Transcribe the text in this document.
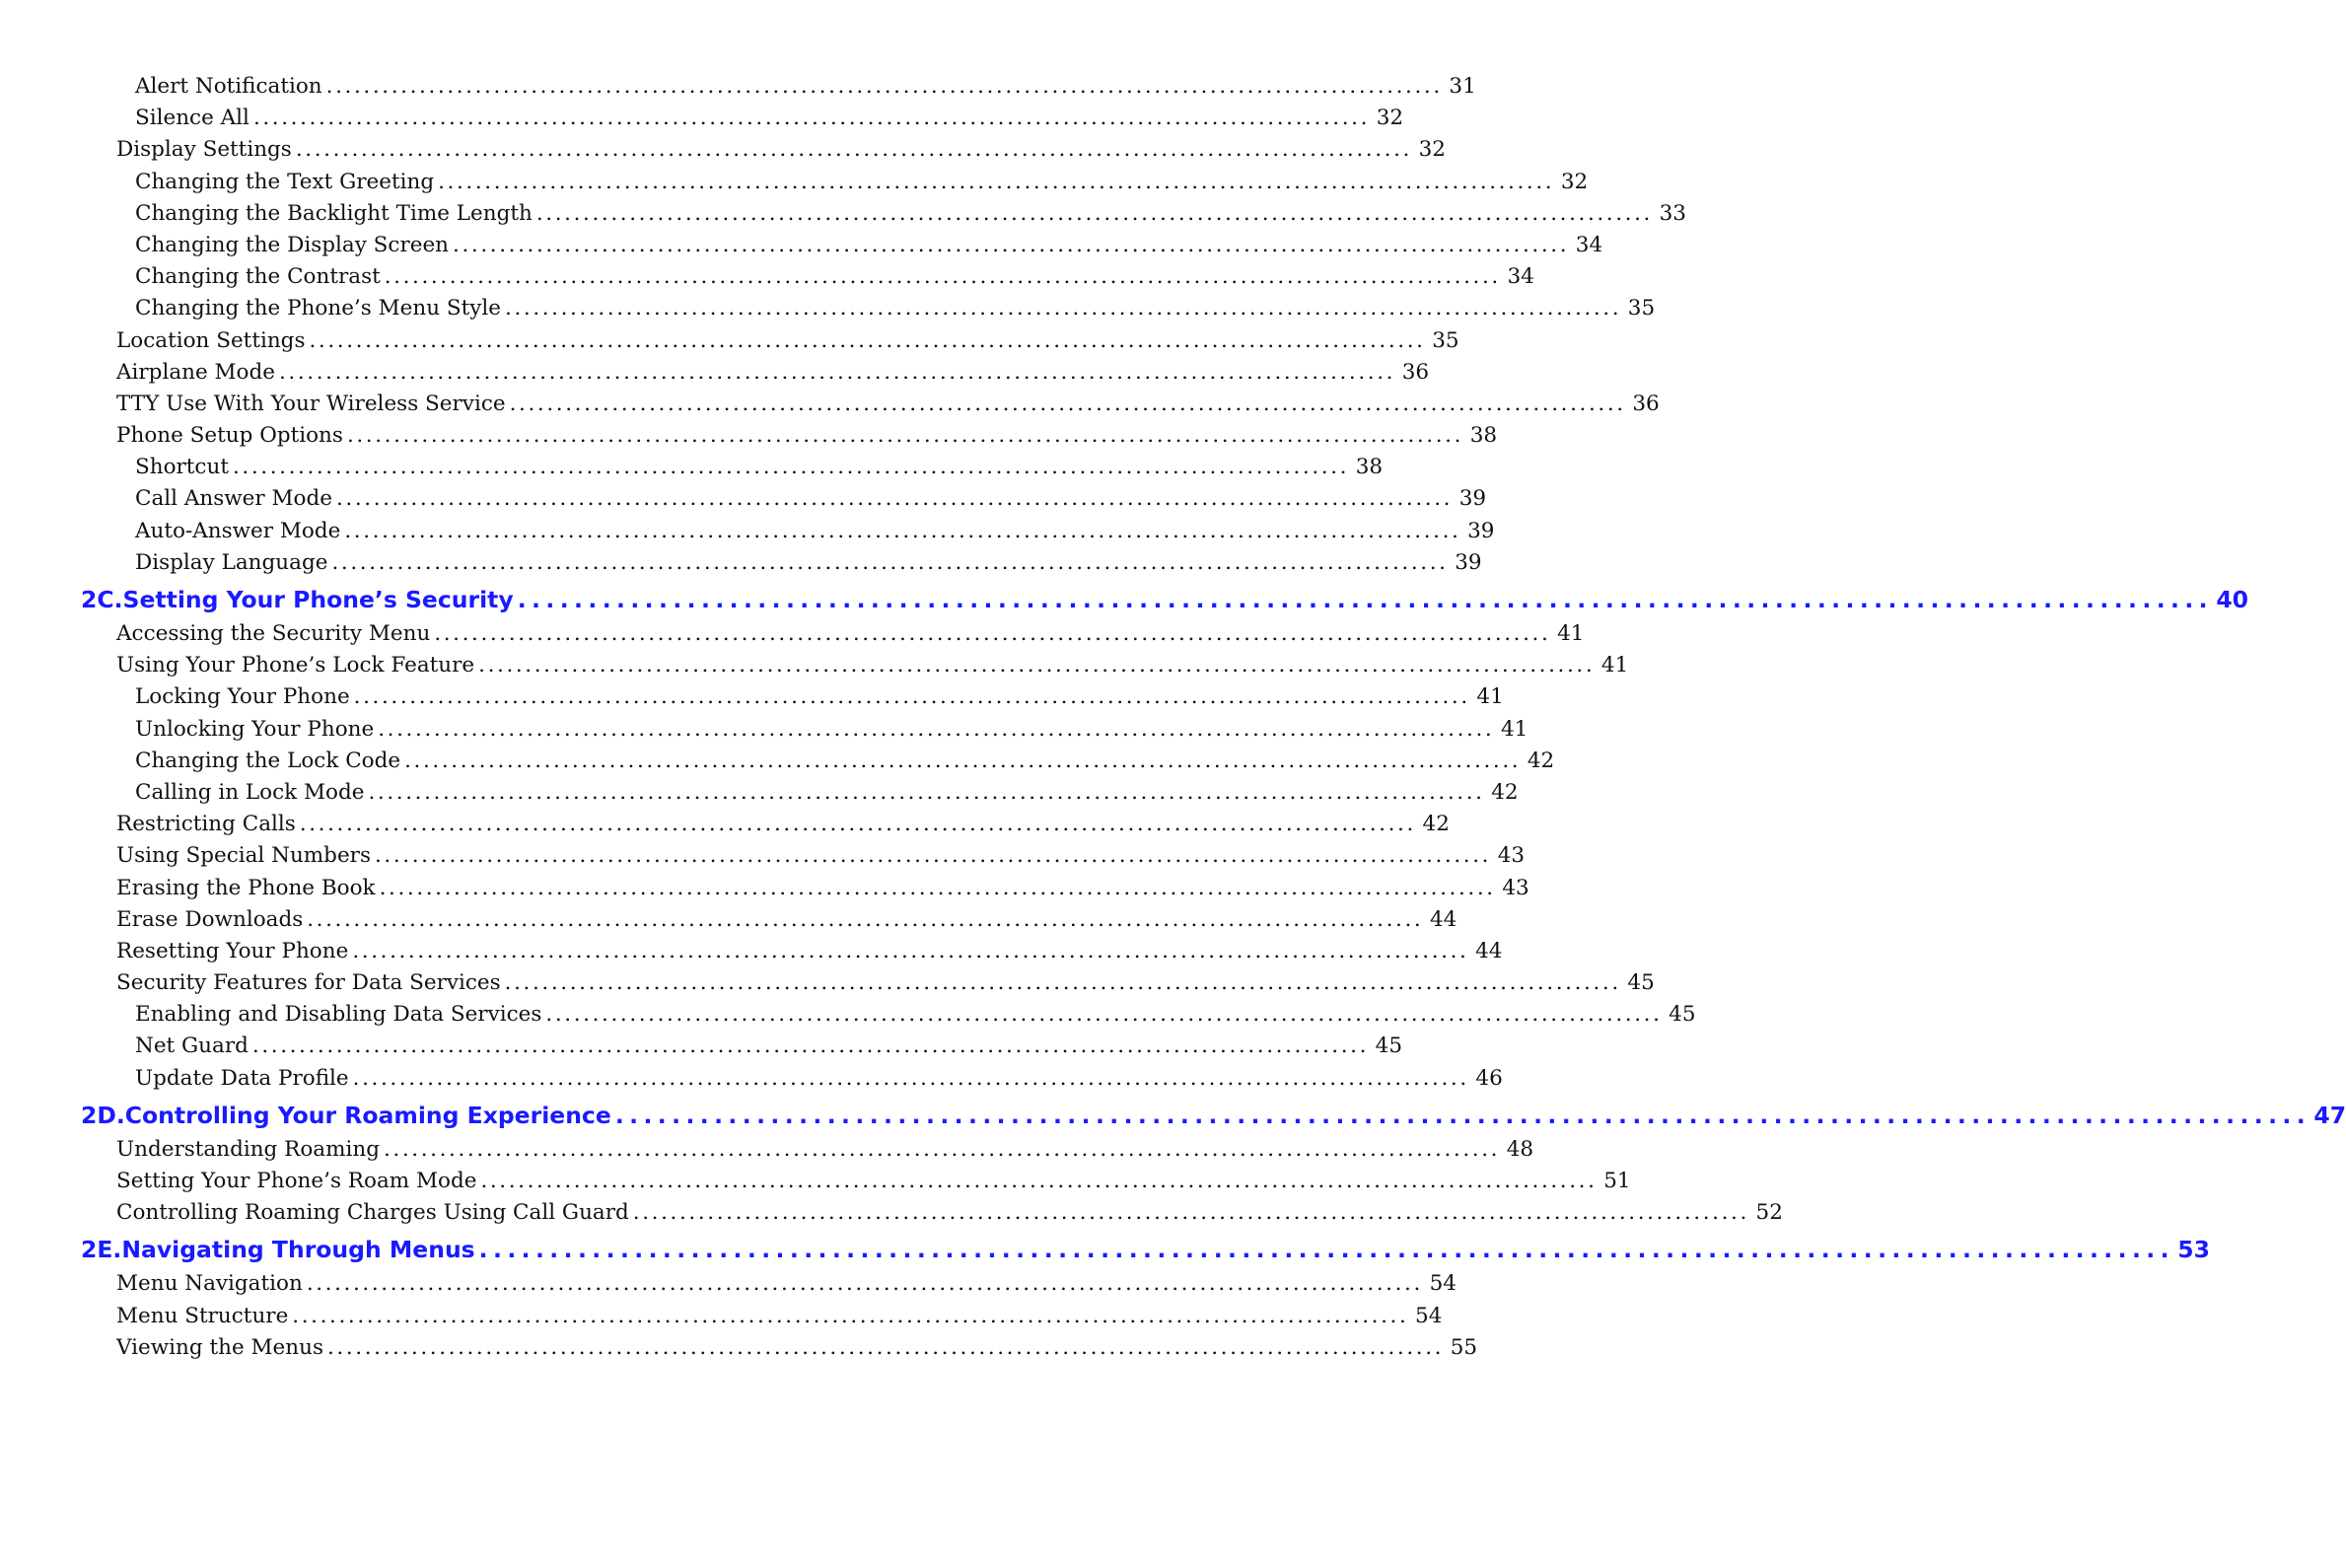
Alert Notification ........................................................................................................................ 31
Silence All ........................................................................................................................ 32
Display Settings ........................................................................................................................ 32
Changing the Text Greeting ........................................................................................................................ 32
Changing the Backlight Time Length ........................................................................................................................ 33
Changing the Display Screen ........................................................................................................................ 34
Changing the Contrast ........................................................................................................................ 34
Changing the Phone’s Menu Style ........................................................................................................................ 35
Location Settings ........................................................................................................................ 35
Airplane Mode ........................................................................................................................ 36
TTY Use With Your Wireless Service ........................................................................................................................ 36
Phone Setup Options ........................................................................................................................ 38
Shortcut ........................................................................................................................ 38
Call Answer Mode ........................................................................................................................ 39
Auto-Answer Mode ........................................................................................................................ 39
Display Language ........................................................................................................................ 39
2C.Setting Your Phone’s Security ........................................................................................................................ 40
Accessing the Security Menu ........................................................................................................................ 41
Using Your Phone’s Lock Feature ........................................................................................................................ 41
Locking Your Phone ........................................................................................................................ 41
Unlocking Your Phone ........................................................................................................................ 41
Changing the Lock Code ........................................................................................................................ 42
Calling in Lock Mode ........................................................................................................................ 42
Restricting Calls ........................................................................................................................ 42
Using Special Numbers ........................................................................................................................ 43
Erasing the Phone Book ........................................................................................................................ 43
Erase Downloads ........................................................................................................................ 44
Resetting Your Phone ........................................................................................................................ 44
Security Features for Data Services ........................................................................................................................ 45
Enabling and Disabling Data Services ........................................................................................................................ 45
Net Guard ........................................................................................................................ 45
Update Data Profile ........................................................................................................................ 46
2D.Controlling Your Roaming Experience ........................................................................................................................ 47
Understanding Roaming ........................................................................................................................ 48
Setting Your Phone’s Roam Mode ........................................................................................................................ 51
Controlling Roaming Charges Using Call Guard ........................................................................................................................ 52
2E.Navigating Through Menus ........................................................................................................................ 53
Menu Navigation ........................................................................................................................ 54
Menu Structure ........................................................................................................................ 54
Viewing the Menus ........................................................................................................................ 55
